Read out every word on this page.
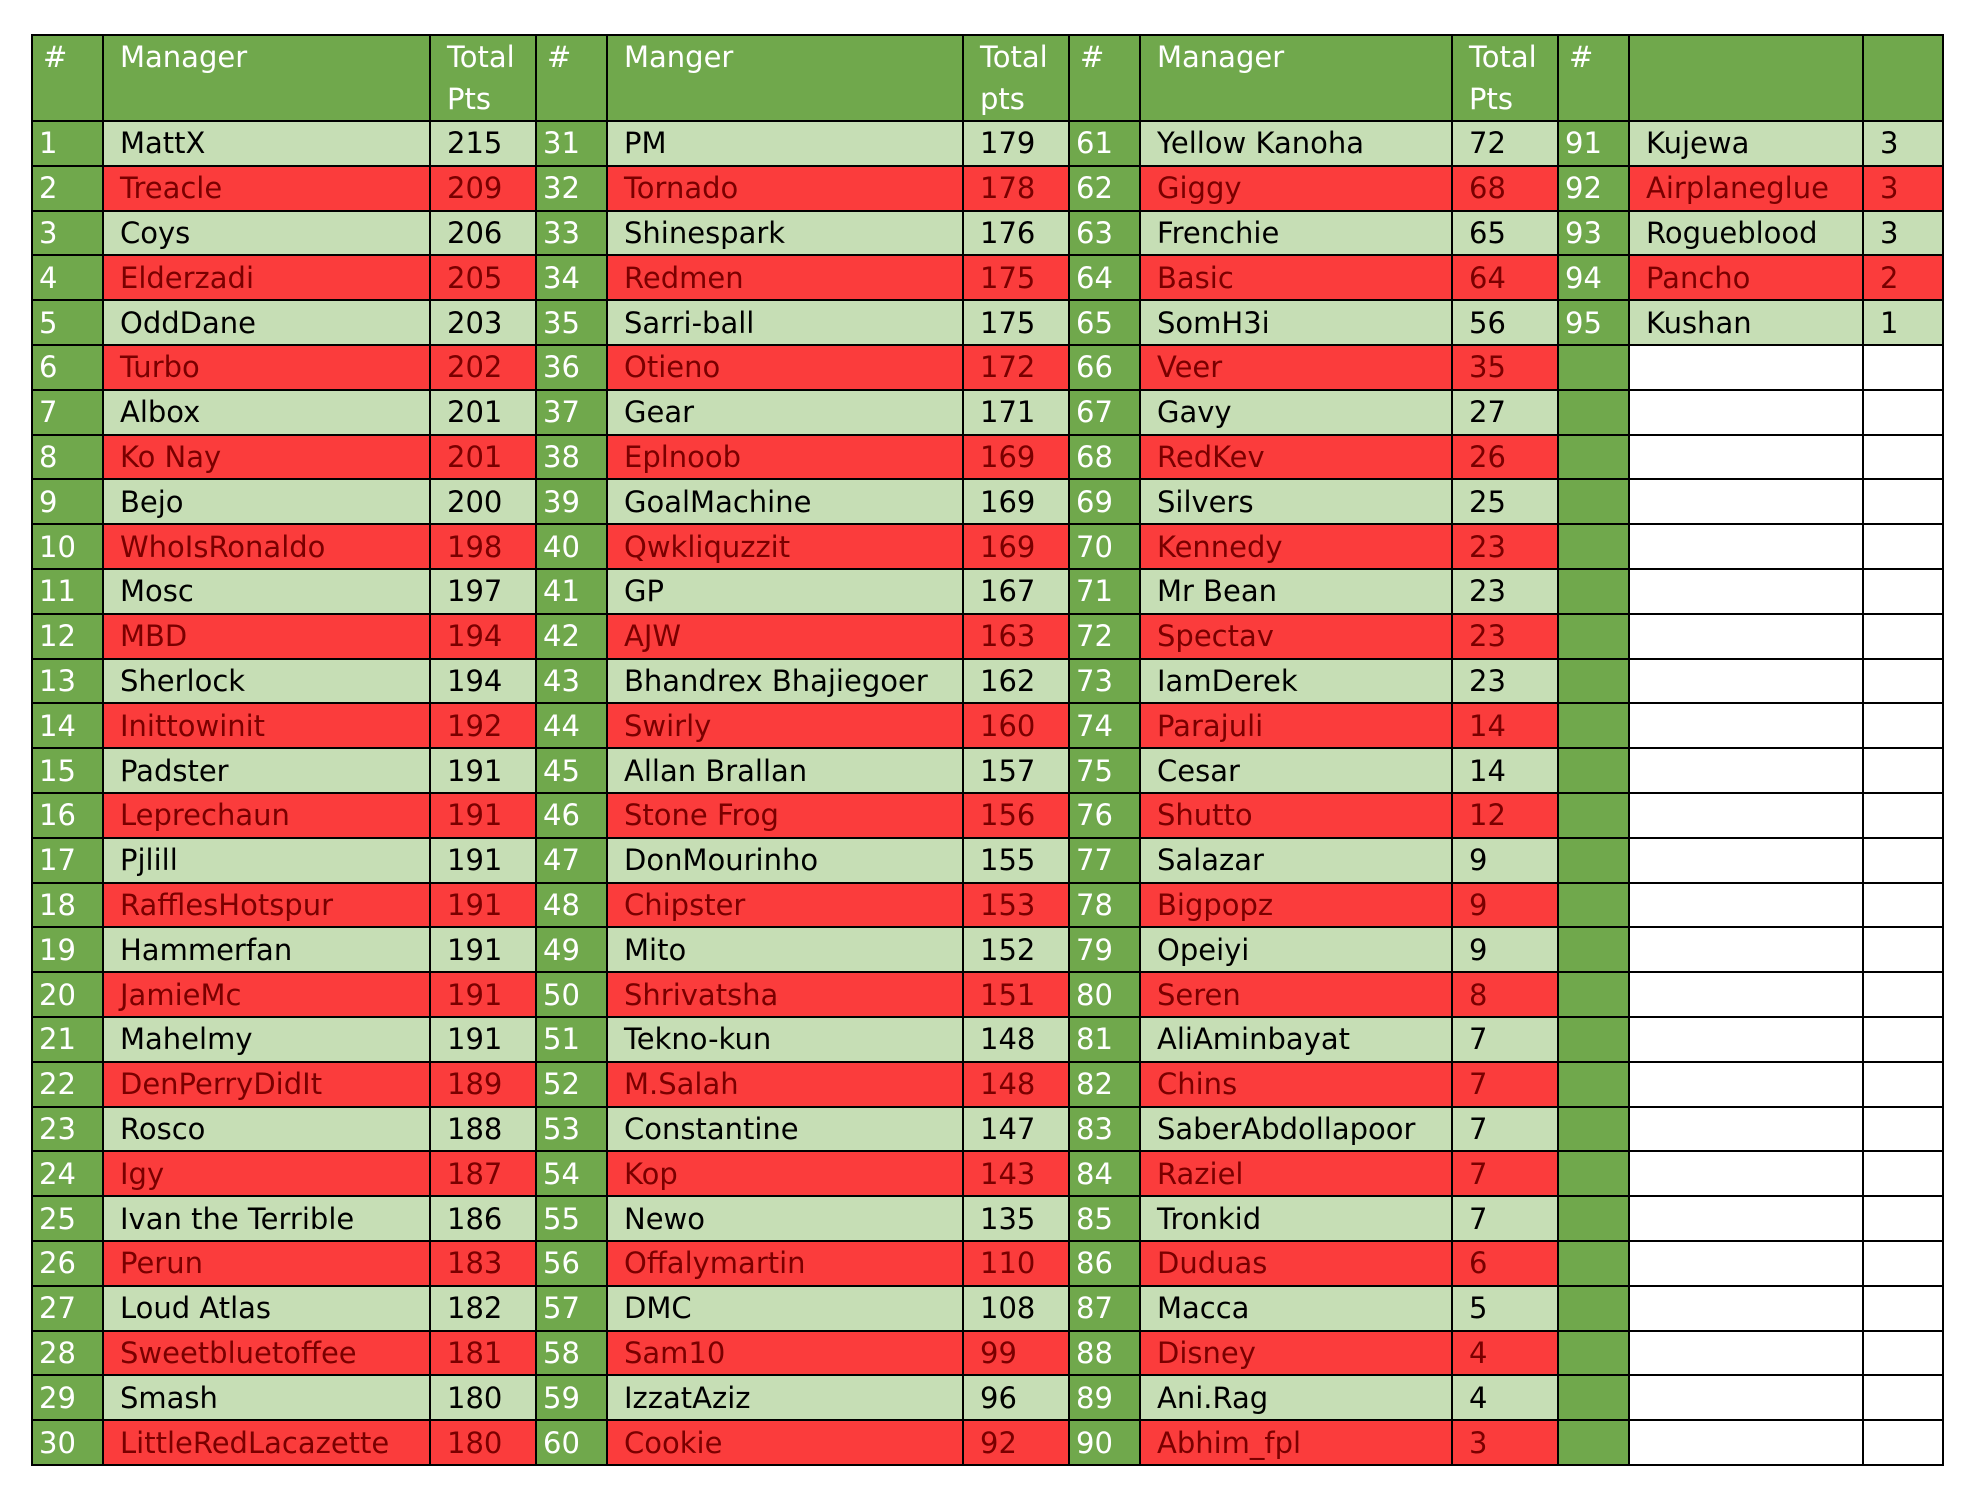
#	Manager	Total Pts	#	Manger	Total pts	#	Manager	Total Pts	#		
1	MattX	215	31	PM	179	61	Yellow Kanoha	72	91	Kujewa	3
2	Treacle	209	32	Tornado	178	62	Giggy	68	92	Airplaneglue	3
3	Coys	206	33	Shinespark	176	63	Frenchie	65	93	Rogueblood	3
4	Elderzadi	205	34	Redmen	175	64	Basic	64	94	Pancho	2
5	OddDane	203	35	Sarri-ball	175	65	SomH3i	56	95	Kushan	1
6	Turbo	202	36	Otieno	172	66	Veer	35			
7	Albox	201	37	Gear	171	67	Gavy	27			
8	Ko Nay	201	38	Eplnoob	169	68	RedKev	26			
9	Bejo	200	39	GoalMachine	169	69	Silvers	25			
10	WhoIsRonaldo	198	40	Qwkliquzzit	169	70	Kennedy	23			
11	Mosc	197	41	GP	167	71	Mr Bean	23			
12	MBD	194	42	AJW	163	72	Spectav	23			
13	Sherlock	194	43	Bhandrex Bhajiegoer	162	73	IamDerek	23			
14	Inittowinit	192	44	Swirly	160	74	Parajuli	14			
15	Padster	191	45	Allan Brallan	157	75	Cesar	14			
16	Leprechaun	191	46	Stone Frog	156	76	Shutto	12			
17	Pjlill	191	47	DonMourinho	155	77	Salazar	9			
18	RafflesHotspur	191	48	Chipster	153	78	Bigpopz	9			
19	Hammerfan	191	49	Mito	152	79	Opeiyi	9			
20	JamieMc	191	50	Shrivatsha	151	80	Seren	8			
21	Mahelmy	191	51	Tekno-kun	148	81	AliAminbayat	7			
22	DenPerryDidIt	189	52	M.Salah	148	82	Chins	7			
23	Rosco	188	53	Constantine	147	83	SaberAbdollapoor	7			
24	Igy	187	54	Kop	143	84	Raziel	7			
25	Ivan the Terrible	186	55	Newo	135	85	Tronkid	7			
26	Perun	183	56	Offalymartin	110	86	Duduas	6			
27	Loud Atlas	182	57	DMC	108	87	Macca	5			
28	Sweetbluetoffee	181	58	Sam10	99	88	Disney	4			
29	Smash	180	59	IzzatAziz	96	89	Ani.Rag	4			
30	LittleRedLacazette	180	60	Cookie	92	90	Abhim_fpl	3			
